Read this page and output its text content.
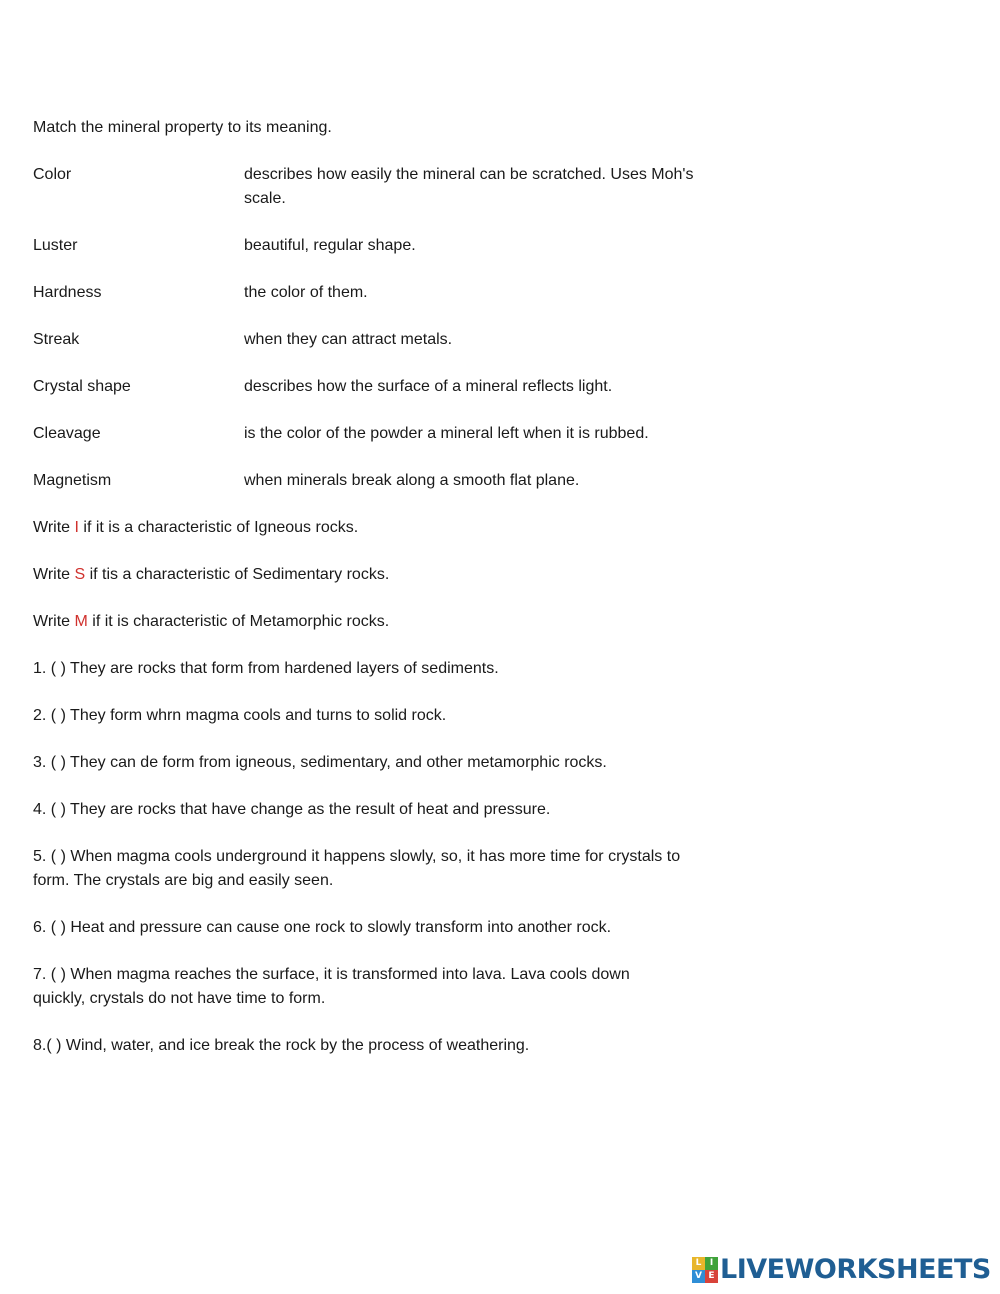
Match the mineral property to its meaning.

Color	describes how easily the mineral can be scratched. Uses Moh's scale.
Luster	beautiful, regular shape.
Hardness	the color of them.
Streak	when they can attract metals.
Crystal shape	describes how the surface of a mineral reflects light.
Cleavage	is the color of the powder a mineral left when it is rubbed.
Magnetism	when minerals break along a smooth flat plane.

Write I if it is a characteristic of Igneous rocks.

Write S if tis a characteristic of Sedimentary rocks.

Write M if it is characteristic of Metamorphic rocks.

1. ( ) They are rocks that form from hardened layers of sediments.

2. ( ) They form whrn magma cools and turns to solid rock.

3. ( ) They can de form from igneous, sedimentary, and other metamorphic rocks.

4. ( ) They are rocks that have change as the result of heat and pressure.

5. ( ) When magma cools underground it happens slowly, so, it has more time for crystals to form. The crystals are big and easily seen.

6. ( ) Heat and pressure can cause one rock to slowly transform into another rock.

7. ( ) When magma reaches the surface, it is transformed into lava. Lava cools down quickly, crystals do not have time to form.

8.( ) Wind, water, and ice break the rock by the process of weathering.

L I
V E LIVEWORKSHEETS
